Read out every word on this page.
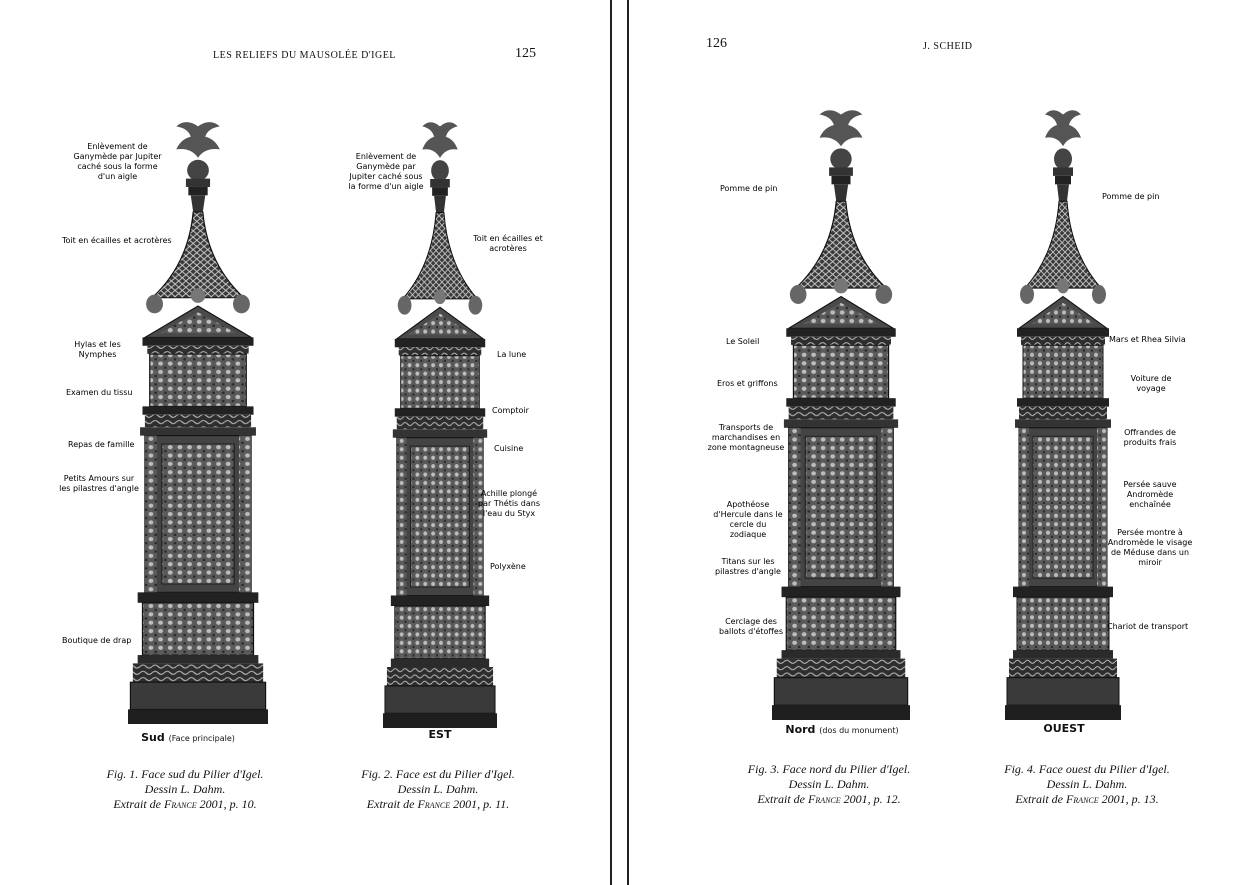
LES RELIEFS DU MAUSOLÉE D'IGEL	125
Enlèvement de Ganymède par Jupiter caché sous la forme d'un aigle
Toit en écailles et acrotères
Hylas et les Nymphes
Examen du tissu
Repas de famille
Petits Amours sur les pilastres d'angle
Boutique de drap
Sud (Face principale)
Fig. 1. Face sud du Pilier d'Igel.
Dessin L. Dahm.
Extrait de France 2001, p. 10.
Enlèvement de Ganymède par Jupiter caché sous la forme d'un aigle
Toit en écailles et acrotères
La lune
Comptoir
Cuisine
Achille plongé par Thétis dans l'eau du Styx
Polyxène
EST
Fig. 2. Face est du Pilier d'Igel.
Dessin L. Dahm.
Extrait de France 2001, p. 11.
126	J. SCHEID
Pomme de pin
Le Soleil
Eros et griffons
Transports de marchandises en zone montagneuse
Apothéose d'Hercule dans le cercle du zodiaque
Titans sur les pilastres d'angle
Cerclage des ballots d'étoffes
Nord (dos du monument)
Fig. 3. Face nord du Pilier d'Igel.
Dessin L. Dahm.
Extrait de France 2001, p. 12.
Pomme de pin
Mars et Rhea Silvia
Voiture de voyage
Offrandes de produits frais
Persée sauve Andromède enchaînée
Persée montre à Andromède le visage de Méduse dans un miroir
Chariot de transport
OUEST
Fig. 4. Face ouest du Pilier d'Igel.
Dessin L. Dahm.
Extrait de France 2001, p. 13.
